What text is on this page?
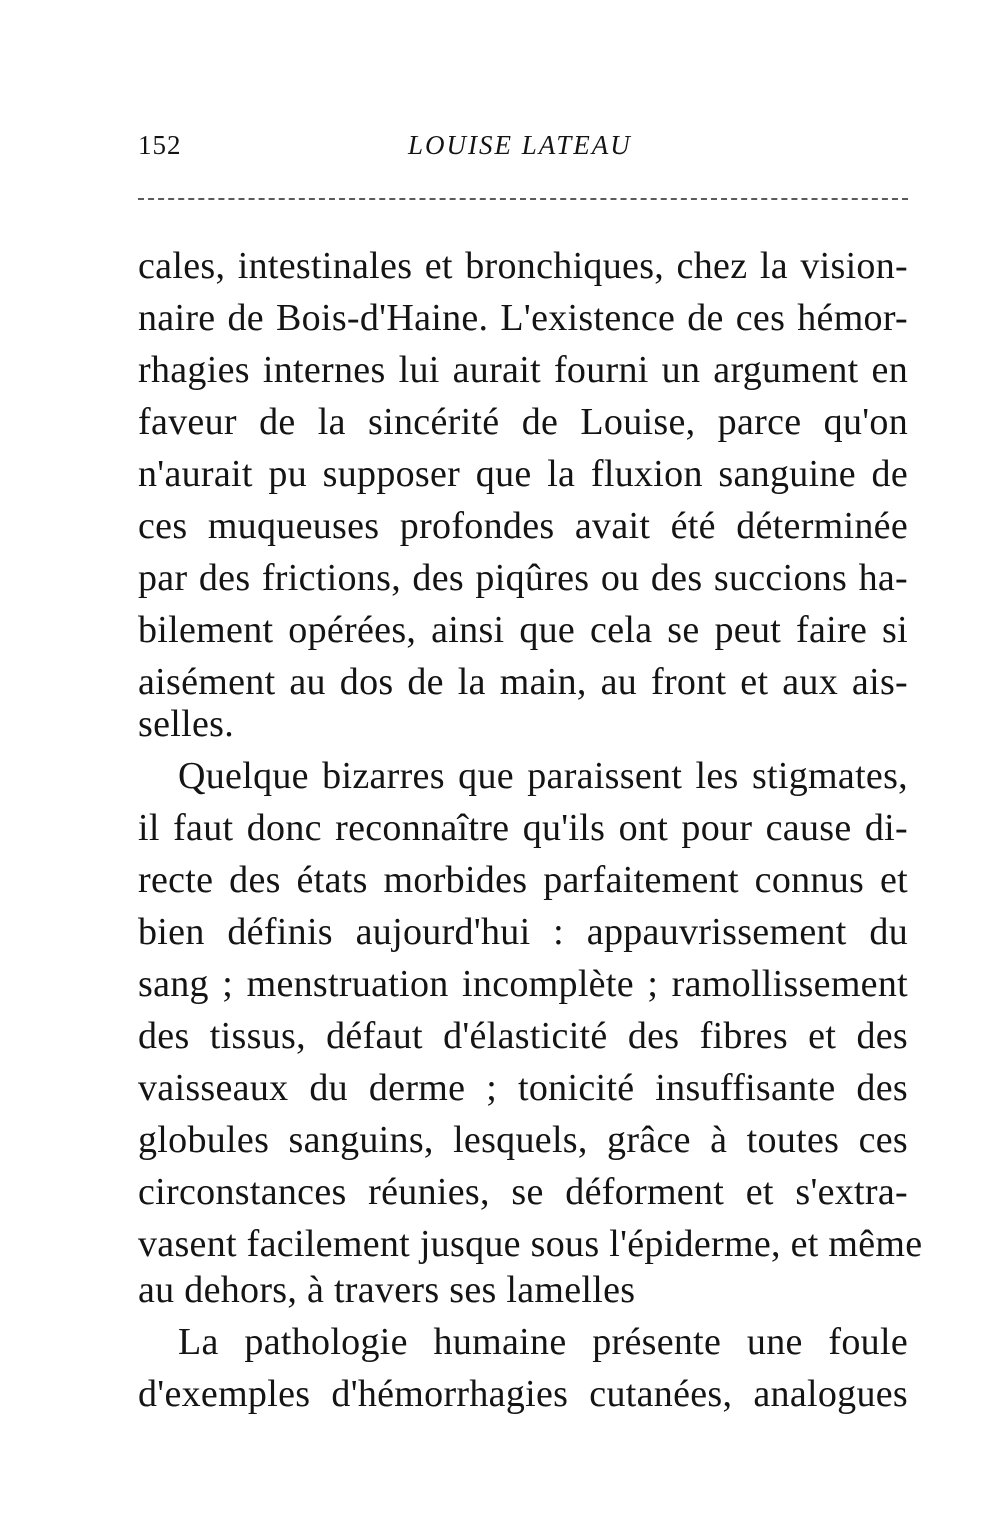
152	LOUISE LATEAU
cales, intestinales et bronchiques, chez la vision-
naire de Bois-d'Haine. L'existence de ces hémor-
rhagies internes lui aurait fourni un argument en
faveur de la sincérité de Louise, parce qu'on
n'aurait pu supposer que la fluxion sanguine de
ces muqueuses profondes avait été déterminée
par des frictions, des piqûres ou des succions ha-
bilement opérées, ainsi que cela se peut faire si
aisément au dos de la main, au front et aux ais-
selles.
Quelque bizarres que paraissent les stigmates,
il faut donc reconnaître qu'ils ont pour cause di-
recte des états morbides parfaitement connus et
bien définis aujourd'hui : appauvrissement du
sang ; menstruation incomplète ; ramollissement
des tissus, défaut d'élasticité des fibres et des
vaisseaux du derme ; tonicité insuffisante des
globules sanguins, lesquels, grâce à toutes ces
circonstances réunies, se déforment et s'extra-
vasent facilement jusque sous l'épiderme, et même
au dehors, à travers ses lamelles
La pathologie humaine présente une foule
d'exemples d'hémorrhagies cutanées, analogues
